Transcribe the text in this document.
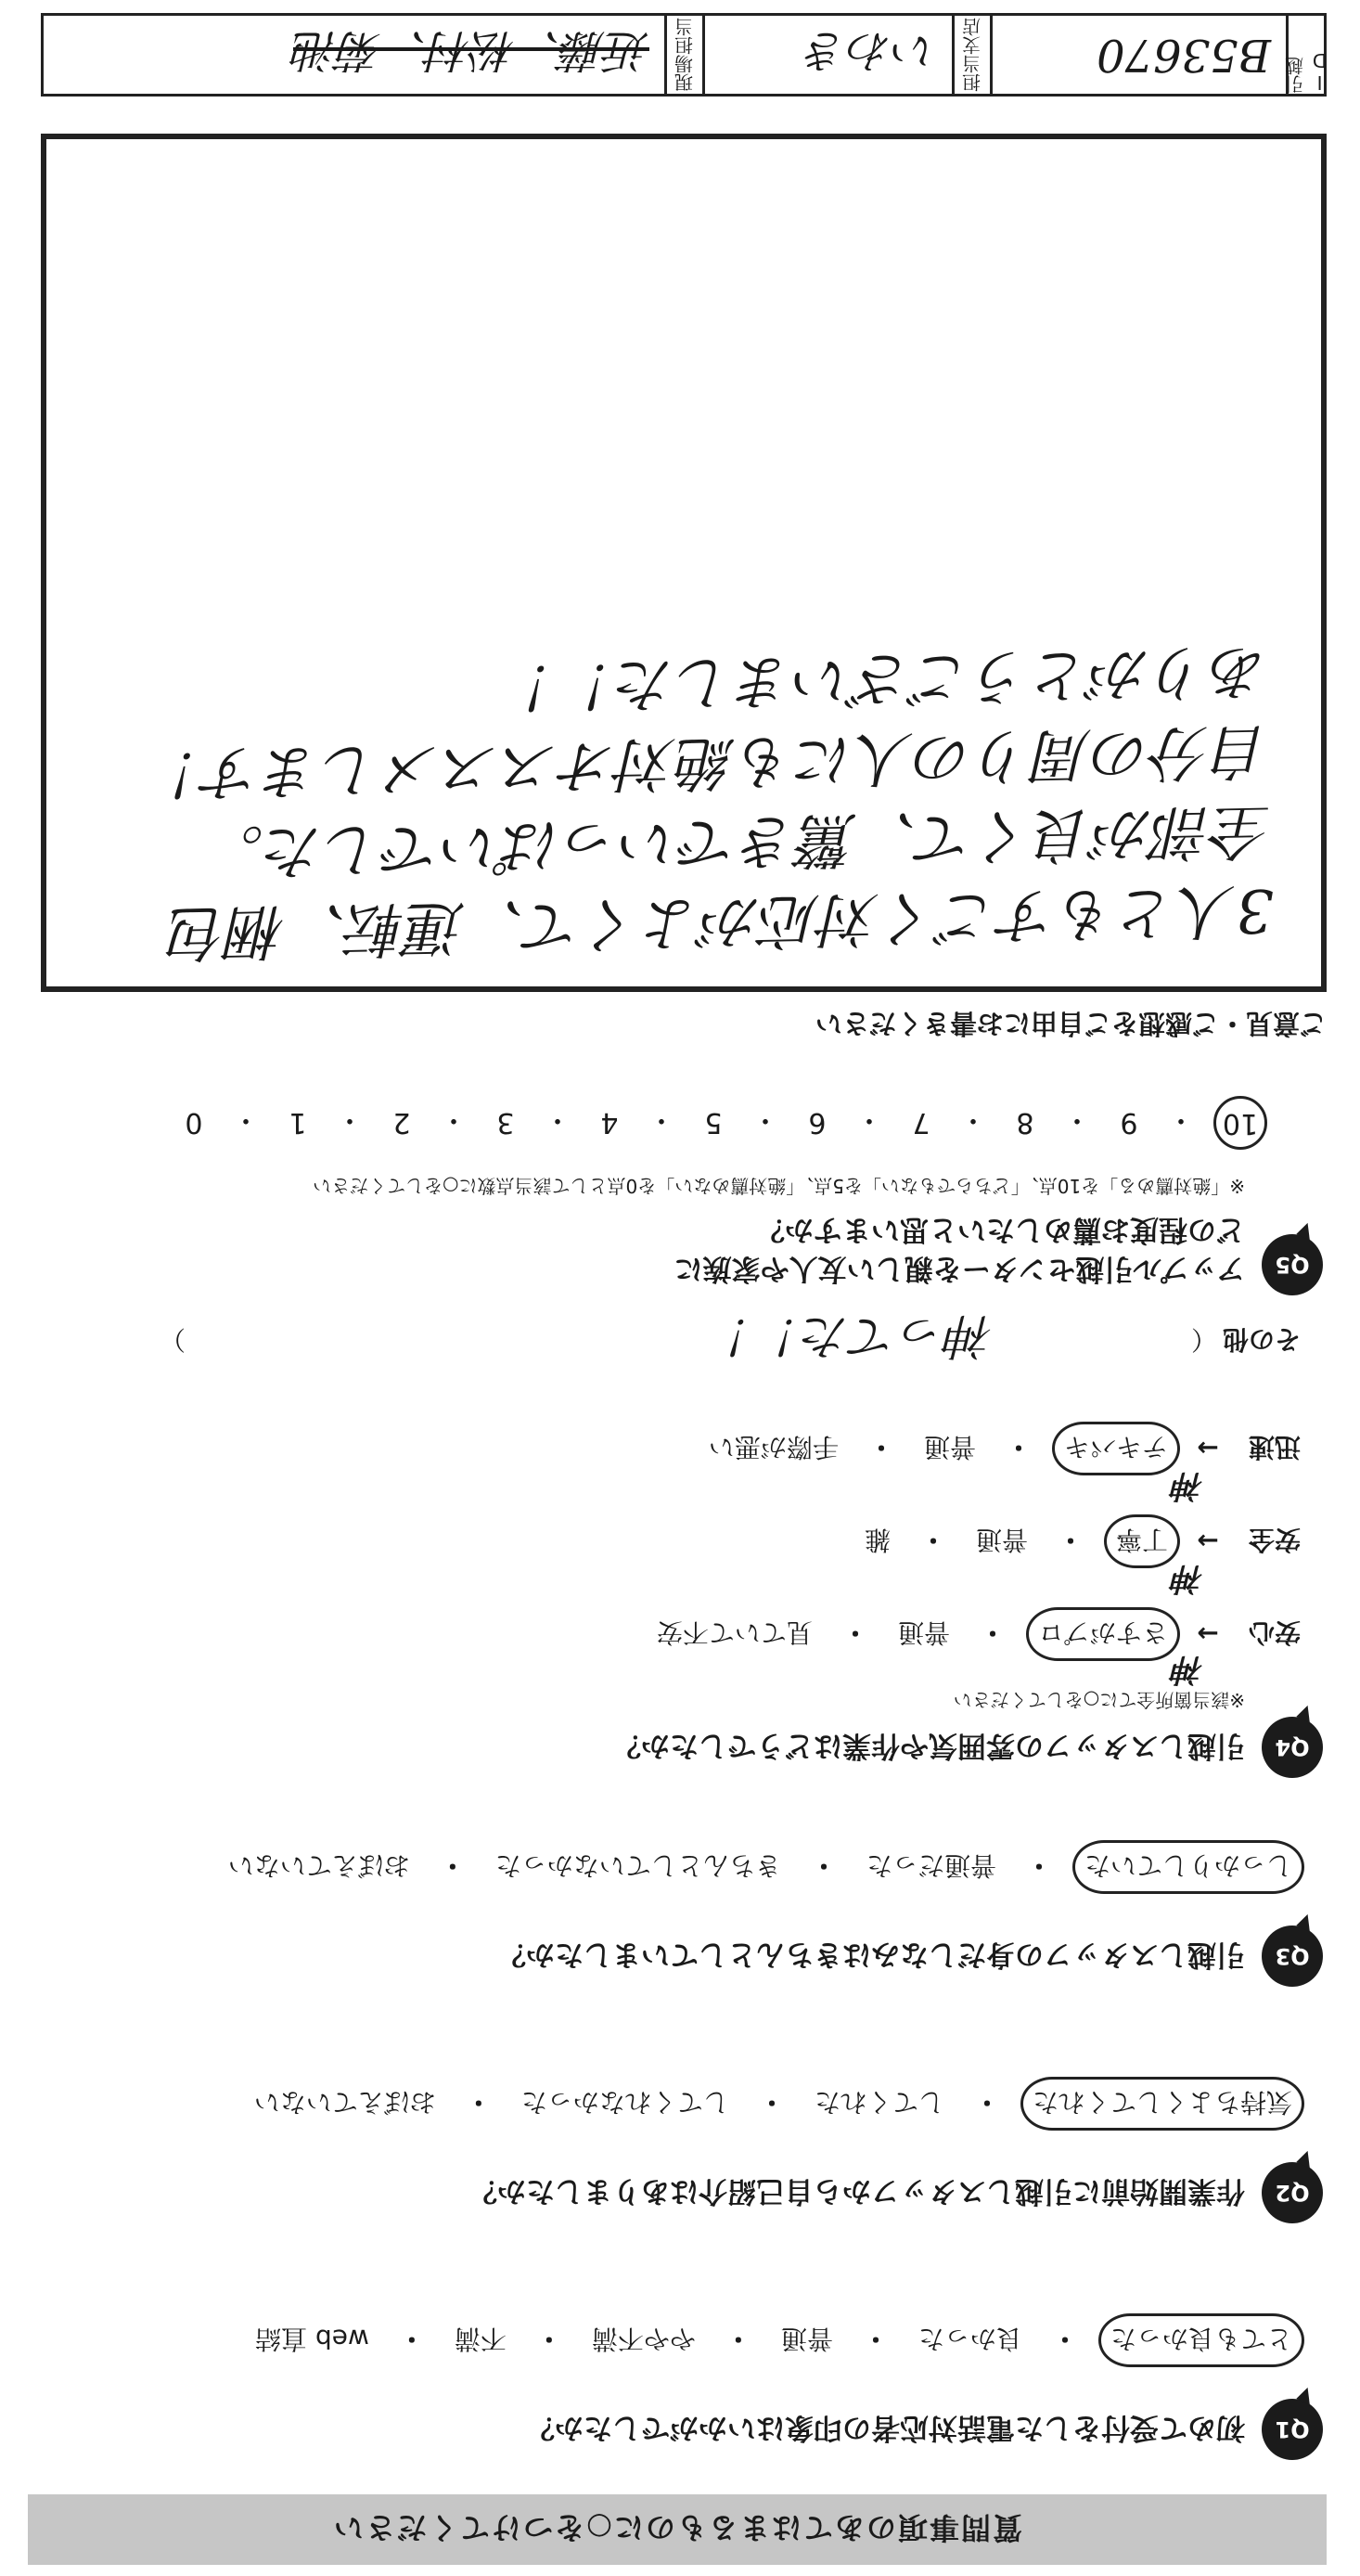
質問事項のあてはまるものに○をつけてください
Q1
初めて受付をした電話対応者の印象はいかがでしたか？
とても良かった
・
良かった
・
普通
・
やや不満
・
不満
・
web 直結
Q2
作業開始前に引越しスタッフから自己紹介はありましたか？
気持ちよくしてくれた
・
してくれた
・
してくれなかった
・
おぼえていない
Q3
引越しスタッフの身だしなみはきちんとしていましたか？
しっかりしていた
・
普通だった
・
きちんとしていなかった
・
おぼえていない
Q4
引越しスタッフの雰囲気や作業はどうでしたか？
※該当箇所全てに○をしてください
安心
→
さすがプロ
・
普通
・
見ていて不安
神
安全
→
丁寧
・
普通
・
雑
神
迅速
→
テキパキ
・
普通
・
手際が悪い
神
その他
（
神ってた！！
）
Q5
アップル引越センターを親しい友人や家族に
どの程度お薦めしたいと思いますか？
※「絶対薦める」を10点、「どちらでもない」を5点、「絶対薦めない」を0点として該当点数に○をしてください
10
・
9
・
8
・
7
・
6
・
5
・
4
・
3
・
2
・
1
・
0
ご意見・ご感想をご自由にお書きください
3人ともすごく対応がよくて、運転、梱包
全部が良くて、驚きでいっぱいでした。
自分の周りの人にも絶対オススメします！
ありがとうございました！！
引越ID
B53670
担当支店
いわき
現場担当
近藤、松村、菊池
